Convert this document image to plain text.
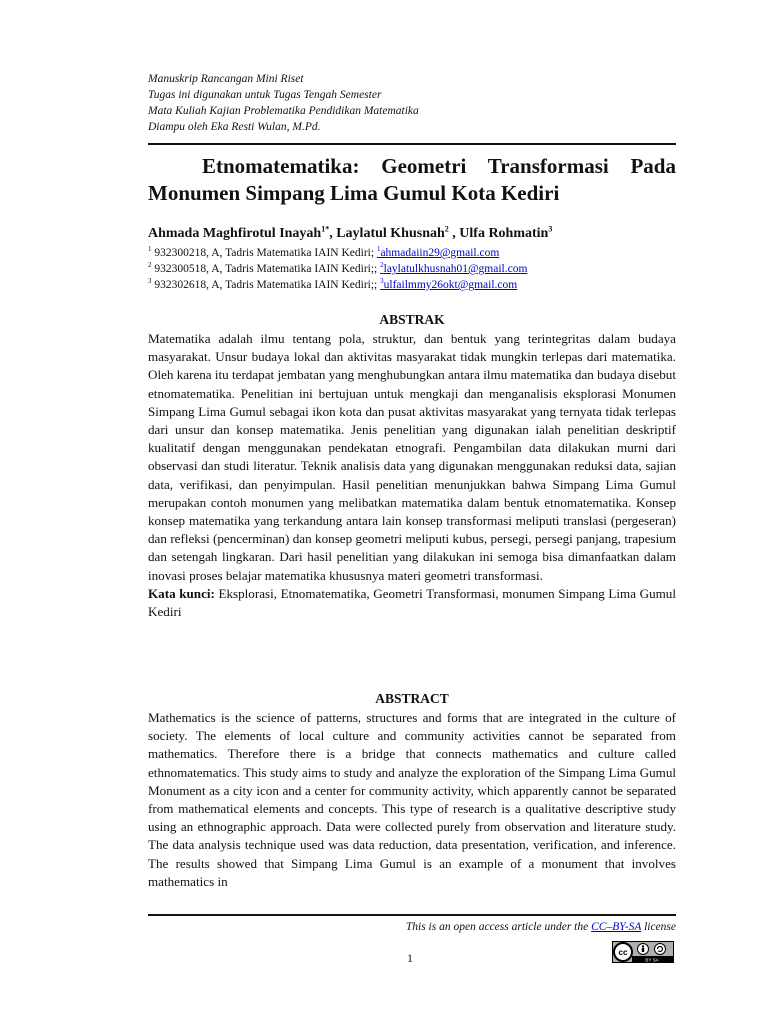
Manuskrip Rancangan Mini Riset
Tugas ini digunakan untuk Tugas Tengah Semester
Mata Kuliah Kajian Problematika Pendidikan Matematika
Diampu oleh Eka Resti Wulan, M.Pd.
Etnomatematika: Geometri Transformasi Pada
Monumen Simpang Lima Gumul Kota Kediri
Ahmada Maghfirotul Inayah$^{1*}$, Laylatul Khusnah$^2$ , Ulfa Rohmatin$^3$
$^1$ 932300218, A, Tadris Matematika IAIN Kediri; $^1$ahmadaiin29@gmail.com
$^2$ 932300518, A, Tadris Matematika IAIN Kediri;; $^2$laylatulkhusnah01@gmail.com
$^3$ 932302618, A, Tadris Matematika IAIN Kediri;; $^3$ulfailmmy26okt@gmail.com
ABSTRAK
Matematika adalah ilmu tentang pola, struktur, dan bentuk yang terintegritas dalam budaya masyarakat. Unsur budaya lokal dan aktivitas masyarakat tidak mungkin terlepas dari matematika. Oleh karena itu terdapat jembatan yang menghubungkan antara ilmu matematika dan budaya disebut etnomatematika. Penelitian ini bertujuan untuk mengkaji dan menganalisis eksplorasi Monumen Simpang Lima Gumul sebagai ikon kota dan pusat aktivitas masyarakat yang ternyata tidak terlepas dari unsur dan konsep matematika. Jenis penelitian yang digunakan ialah penelitian deskriptif kualitatif dengan menggunakan pendekatan etnografi. Pengambilan data dilakukan murni dari observasi dan studi literatur. Teknik analisis data yang digunakan menggunakan reduksi data, sajian data, verifikasi, dan penyimpulan. Hasil penelitian menunjukkan bahwa Simpang Lima Gumul merupakan contoh monumen yang melibatkan matematika dalam bentuk etnomatematika. Konsep konsep matematika yang terkandung antara lain konsep transformasi meliputi translasi (pergeseran) dan refleksi (pencerminan) dan konsep geometri meliputi kubus, persegi, persegi panjang, trapesium dan setengah lingkaran. Dari hasil penelitian yang dilakukan ini semoga bisa dimanfaatkan dalam inovasi proses belajar matematika khususnya materi geometri transformasi.
Kata kunci: Eksplorasi, Etnomatematika, Geometri Transformasi, monumen Simpang Lima Gumul Kediri
ABSTRACT
Mathematics is the science of patterns, structures and forms that are integrated in the culture of society. The elements of local culture and community activities cannot be separated from mathematics. Therefore there is a bridge that connects mathematics and culture called ethnomatematics. This study aims to study and analyze the exploration of the Simpang Lima Gumul Monument as a city icon and a center for community activity, which apparently cannot be separated from mathematical elements and concepts. This type of research is a qualitative descriptive study using an ethnographic approach. Data were collected purely from observation and literature study. The data analysis technique used was data reduction, data presentation, verification, and inference. The results showed that Simpang Lima Gumul is an example of a monument that involves mathematics in
This is an open access article under the CC–BY-SA license
1	cc
BY SA
